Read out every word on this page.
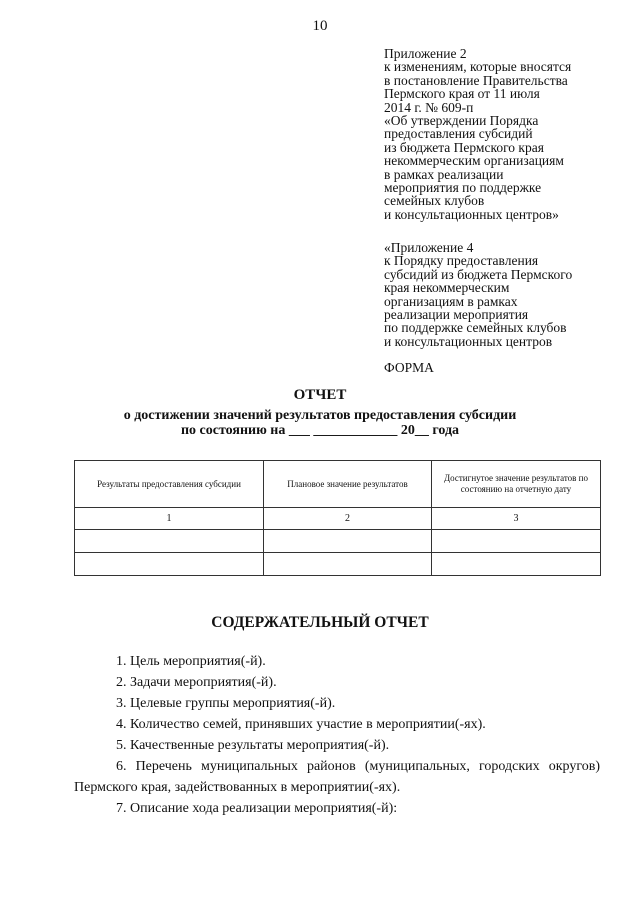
10
Приложение 2
к изменениям, которые вносятся
в постановление Правительства
Пермского края от 11 июля
2014 г. № 609-п
«Об утверждении Порядка
предоставления субсидий
из бюджета Пермского края
некоммерческим организациям
в рамках реализации
мероприятия по поддержке
семейных клубов
и консультационных центров»
«Приложение 4
к Порядку предоставления
субсидий из бюджета Пермского
края некоммерческим
организациям в рамках
реализации мероприятия
по поддержке семейных клубов
и консультационных центров
ФОРМА
ОТЧЕТ
о достижении значений результатов предоставления субсидии
по состоянию на ___ ____________ 20__ года
Результаты предоставления субсидии	Плановое значение результатов	Достигнутое значение результатов по состоянию на отчетную дату
1	2	3

СОДЕРЖАТЕЛЬНЫЙ ОТЧЕТ
1. Цель мероприятия(-й).
2. Задачи мероприятия(-й).
3. Целевые группы мероприятия(-й).
4. Количество семей, принявших участие в мероприятии(-ях).
5. Качественные результаты мероприятия(-й).
6. Перечень муниципальных районов (муниципальных, городских округов) Пермского края, задействованных в мероприятии(-ях).
7. Описание хода реализации мероприятия(-й):
